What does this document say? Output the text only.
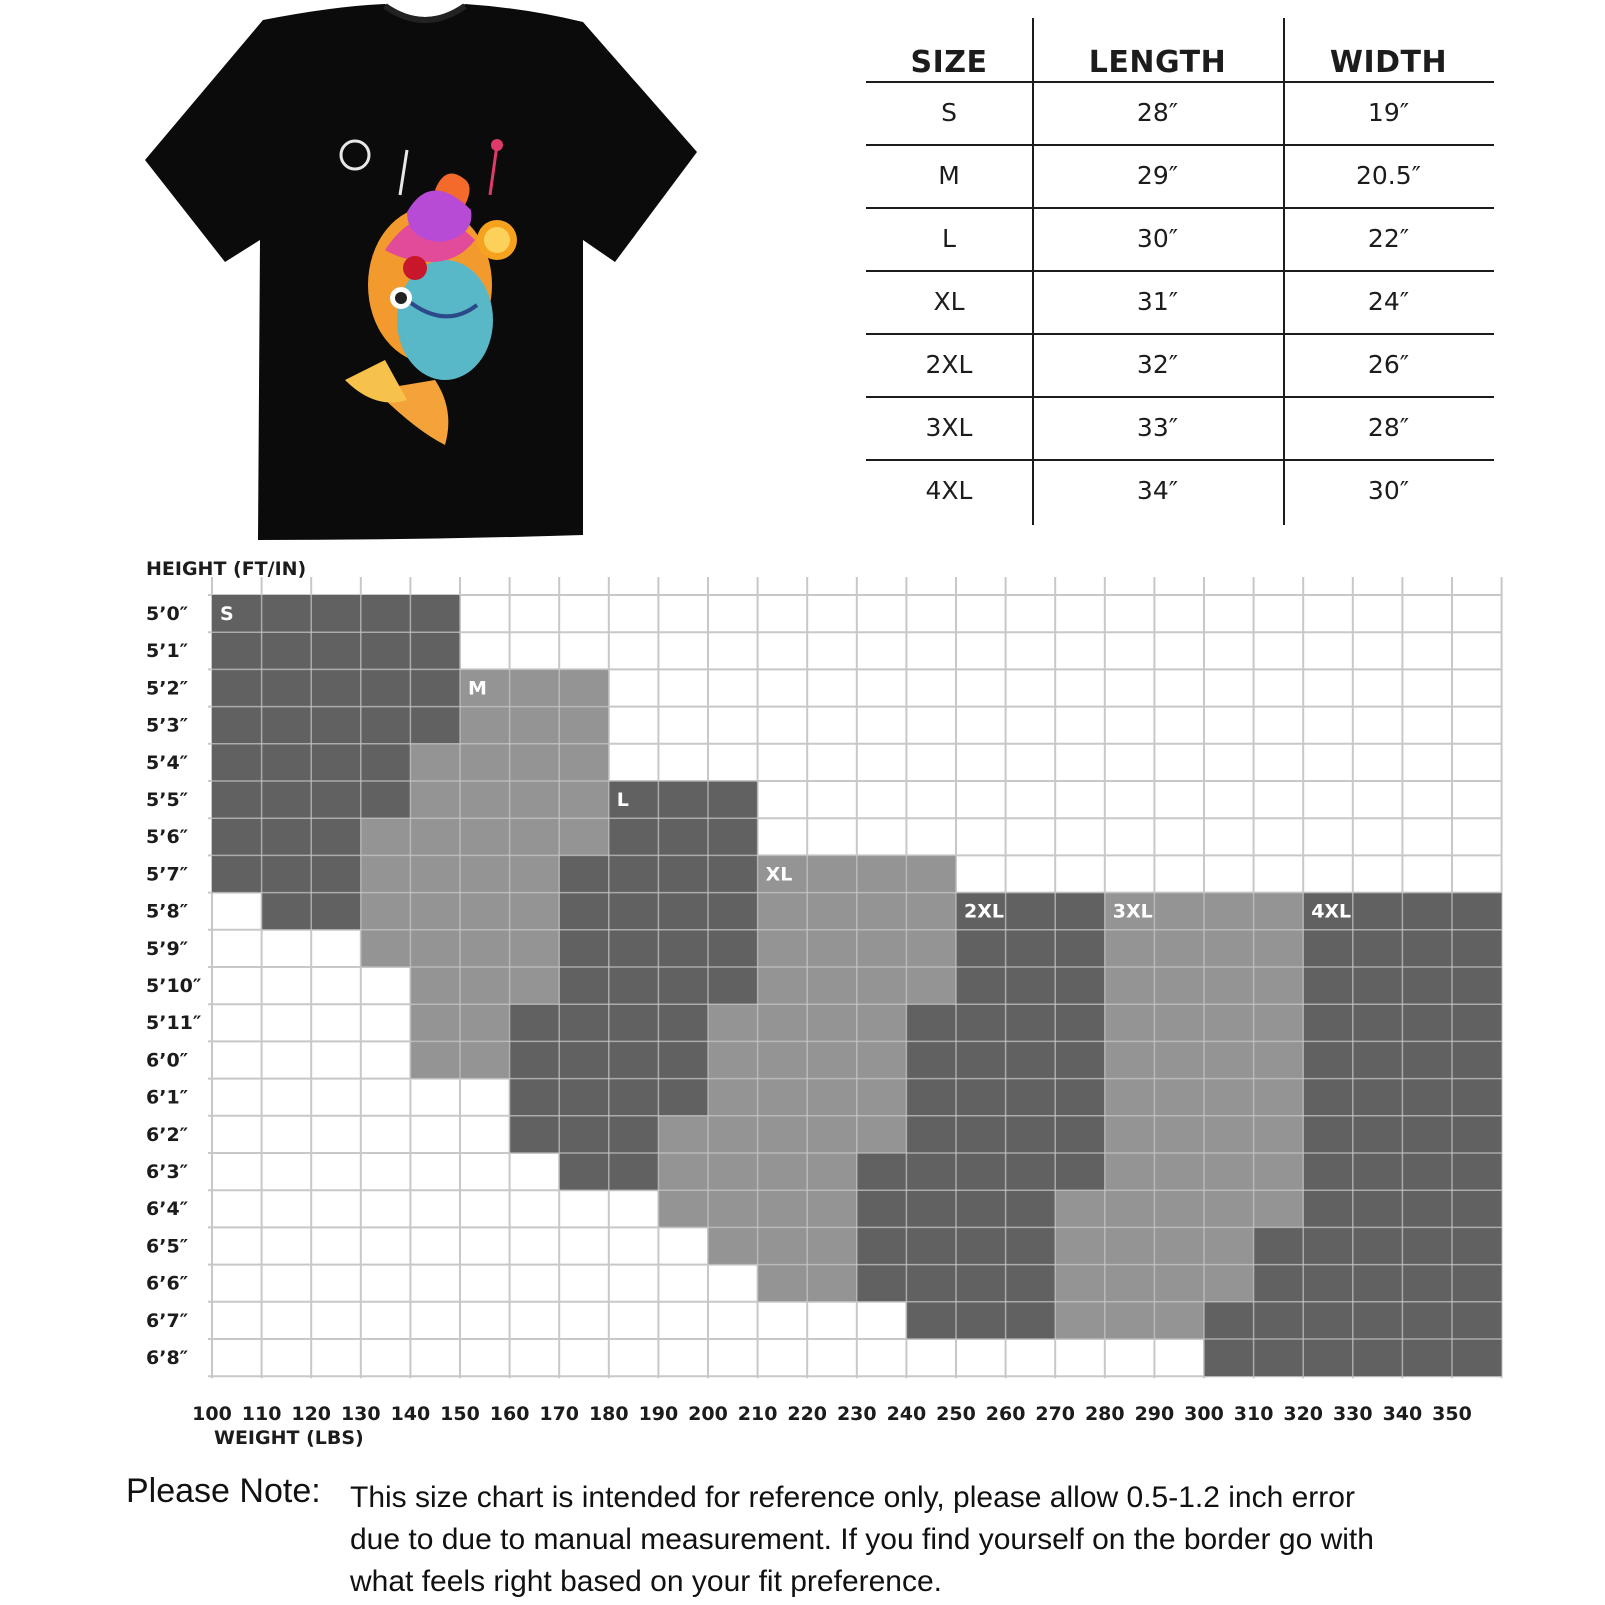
SIZE	LENGTH	WIDTH
S	28″	19″
M	29″	20.5″
L	30″	22″
XL	31″	24″
2XL	32″	26″
3XL	33″	28″
4XL	34″	30″
HEIGHT (FT/IN)
S
M
L
XL
2XL	3XL	4XL
5’0″
5’1″
5’2″
5’3″
5’4″
5’5″
5’6″
5’7″
5’8″
5’9″
5’10″
5’11″
6’0″
6’1″
6’2″
6’3″
6’4″
6’5″
6’6″
6’7″
6’8″
100 110 120 130 140 150 160 170 180 190 200 210 220 230 240 250 260 270 280 290 300 310 320 330 340 350
WEIGHT (LBS)
Please Note: This size chart is intended for reference only, please allow 0.5-1.2 inch error
due to due to manual measurement. If you find yourself on the border go with
what feels right based on your fit preference.
